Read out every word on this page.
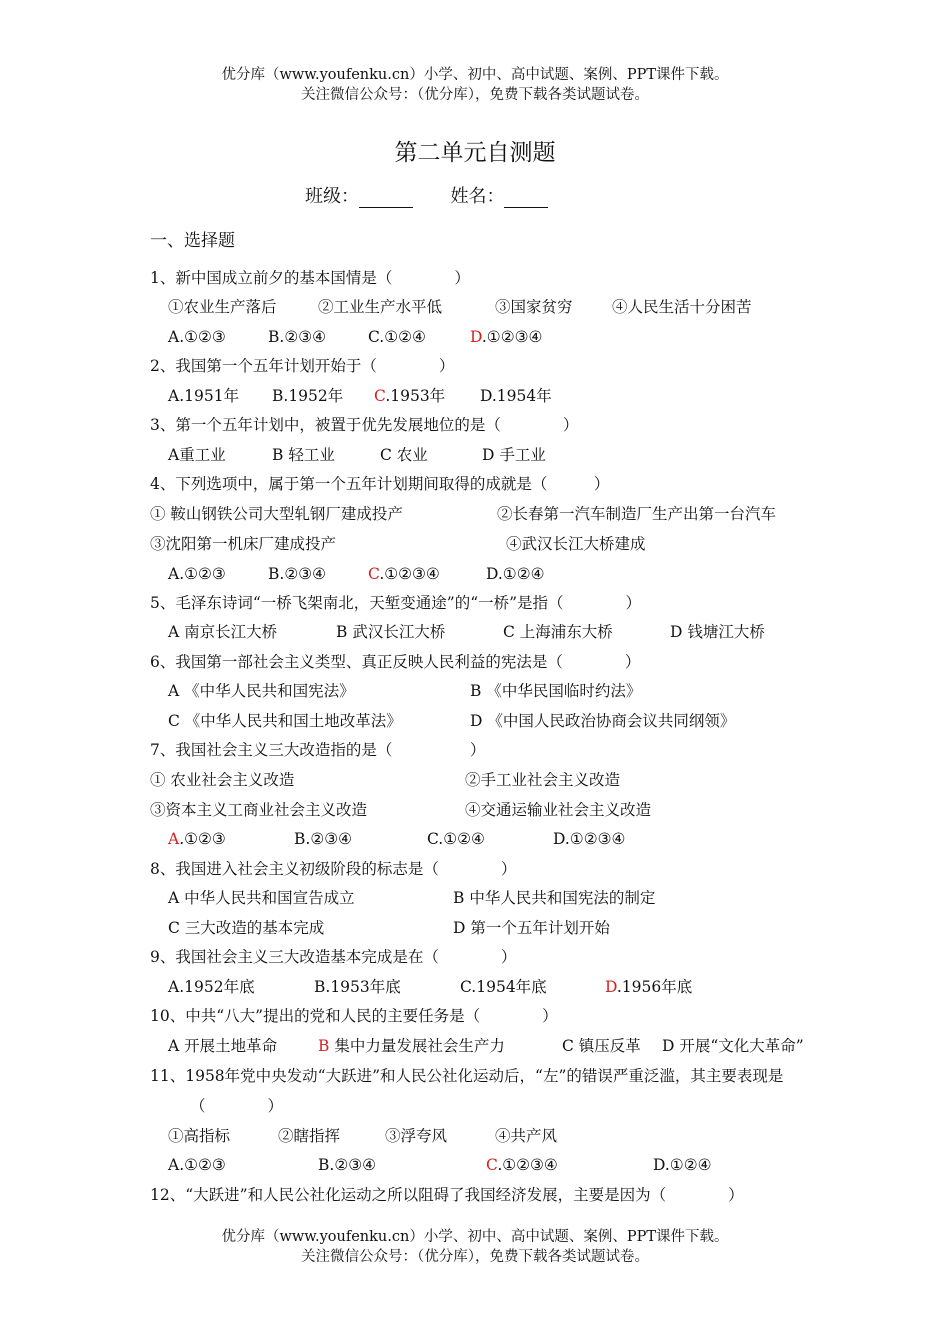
优分库（www.youfenku.cn）小学、初中、高中试题、案例、PPT课件下载。
关注微信公众号：（优分库），免费下载各类试题试卷。
第二单元自测题
班级：	姓名：
一、选择题
1、新中国成立前夕的基本国情是（　　　　）
①农业生产落后	②工业生产水平低	③国家贫穷	④人民生活十分困苦
A.①②③	B.②③④	C.①②④	D.①②③④
2、我国第一个五年计划开始于（　　　　）
A.1951年 B.1952年 C.1953年 D.1954年
3、第一个五年计划中，被置于优先发展地位的是（　　　　）
A重工业	B 轻工业	C 农业	D 手工业
4、下列选项中，属于第一个五年计划期间取得的成就是（　　　）
① 鞍山钢铁公司大型轧钢厂建成投产	②长春第一汽车制造厂生产出第一台汽车
③沈阳第一机床厂建成投产	④武汉长江大桥建成
A.①②③	B.②③④	C.①②③④	D.①②④
5、毛泽东诗词“一桥飞架南北，天堑变通途”的“一桥”是指（　　　　）
A 南京长江大桥	B 武汉长江大桥	C 上海浦东大桥	D 钱塘江大桥
6、我国第一部社会主义类型、真正反映人民利益的宪法是（　　　　）
A 《中华人民共和国宪法》	B 《中华民国临时约法》
C 《中华人民共和国土地改革法》	D 《中国人民政治协商会议共同纲领》
7、我国社会主义三大改造指的是（　　　　　）
① 农业社会主义改造	②手工业社会主义改造
③资本主义工商业社会主义改造	④交通运输业社会主义改造
A.①②③	B.②③④	C.①②④	D.①②③④
8、我国进入社会主义初级阶段的标志是（　　　　）
A 中华人民共和国宣告成立	B 中华人民共和国宪法的制定
C 三大改造的基本完成	D 第一个五年计划开始
9、我国社会主义三大改造基本完成是在（　　　　）
A.1952年底	B.1953年底	C.1954年底	D.1956年底
10、中共“八大”提出的党和人民的主要任务是（　　　　）
A 开展土地革命	B 集中力量发展社会生产力	C 镇压反革 D 开展“文化大革命”
11、1958年党中央发动“大跃进”和人民公社化运动后，“左”的错误严重泛滥，其主要表现是
（　　　　）
①高指标	②瞎指挥	③浮夸风	④共产风
A.①②③	B.②③④	C.①②③④	D.①②④
12、“大跃进”和人民公社化运动之所以阻碍了我国经济发展，主要是因为（　　　　）
优分库（www.youfenku.cn）小学、初中、高中试题、案例、PPT课件下载。
关注微信公众号：（优分库），免费下载各类试题试卷。
